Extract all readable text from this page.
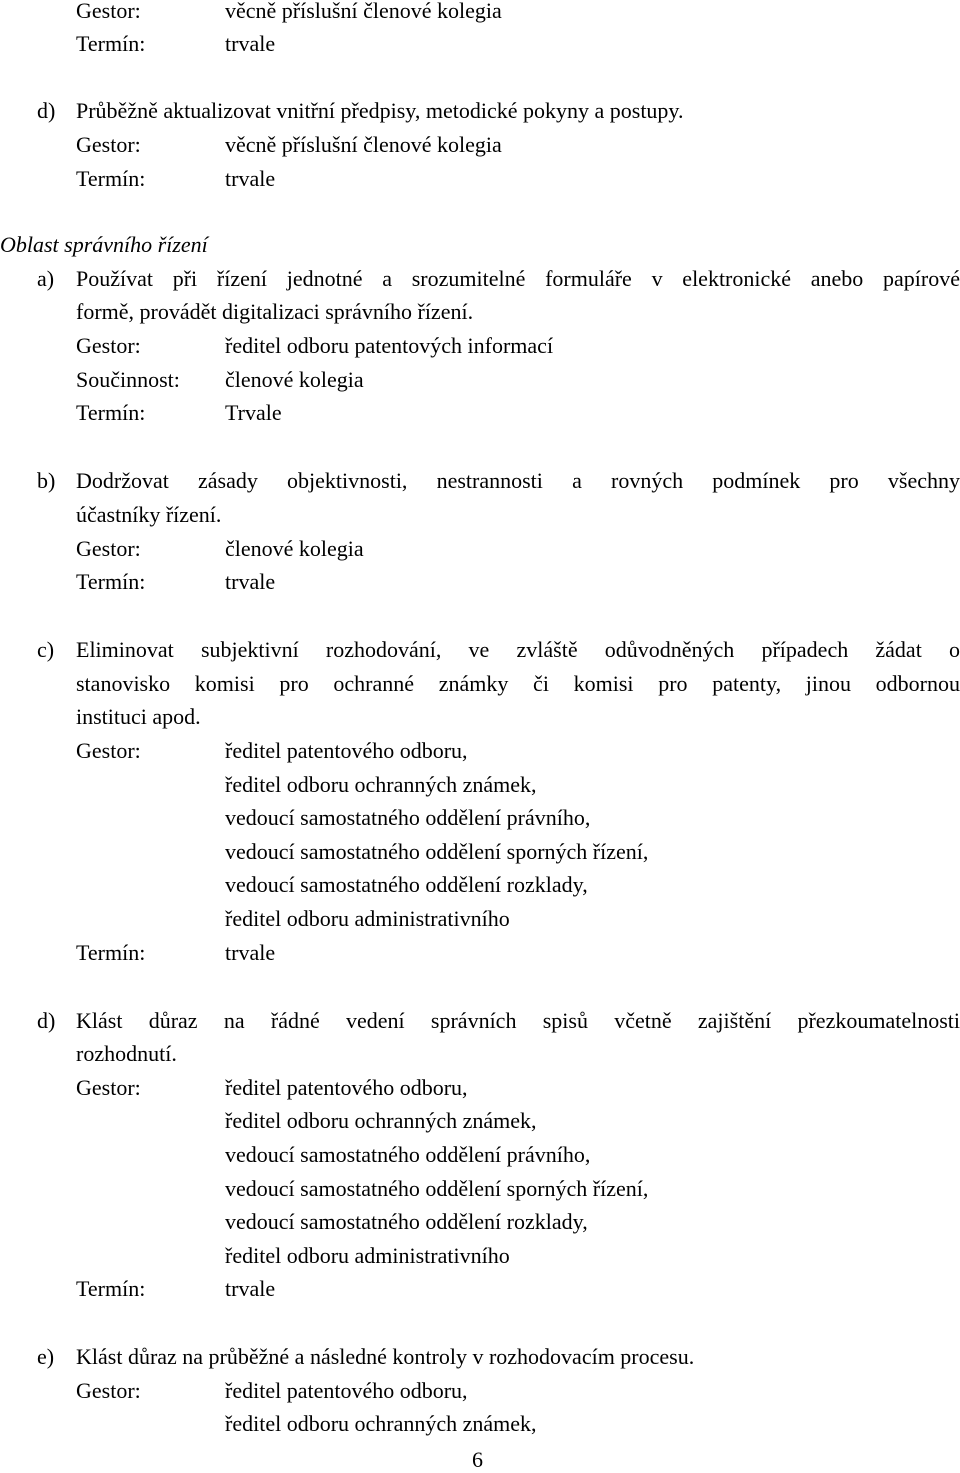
Gestor:	věcně příslušní členové kolegia
Termín:	trvale
d) Průběžně aktualizovat vnitřní předpisy, metodické pokyny a postupy.
Gestor:	věcně příslušní členové kolegia
Termín:	trvale
Oblast správního řízení
a) Používat při řízení jednotné a srozumitelné formuláře v elektronické anebo papírové
formě, provádět digitalizaci správního řízení.
Gestor:	ředitel odboru patentových informací
Součinnost: členové kolegia
Termín:	Trvale
b) Dodržovat zásady objektivnosti, nestrannosti a rovných podmínek pro všechny
účastníky řízení.
Gestor:	členové kolegia
Termín:	trvale
c) Eliminovat subjektivní rozhodování, ve zvláště odůvodněných případech žádat o
stanovisko komisi pro ochranné známky či komisi pro patenty, jinou odbornou
instituci apod.
Gestor:	ředitel patentového odboru,
ředitel odboru ochranných známek,
vedoucí samostatného oddělení právního,
vedoucí samostatného oddělení sporných řízení,
vedoucí samostatného oddělení rozklady,
ředitel odboru administrativního
Termín:	trvale
d) Klást důraz na řádné vedení správních spisů včetně zajištění přezkoumatelnosti
rozhodnutí.
Gestor:	ředitel patentového odboru,
ředitel odboru ochranných známek,
vedoucí samostatného oddělení právního,
vedoucí samostatného oddělení sporných řízení,
vedoucí samostatného oddělení rozklady,
ředitel odboru administrativního
Termín:	trvale
e) Klást důraz na průběžné a následné kontroly v rozhodovacím procesu.
Gestor:	ředitel patentového odboru,
ředitel odboru ochranných známek,
6
